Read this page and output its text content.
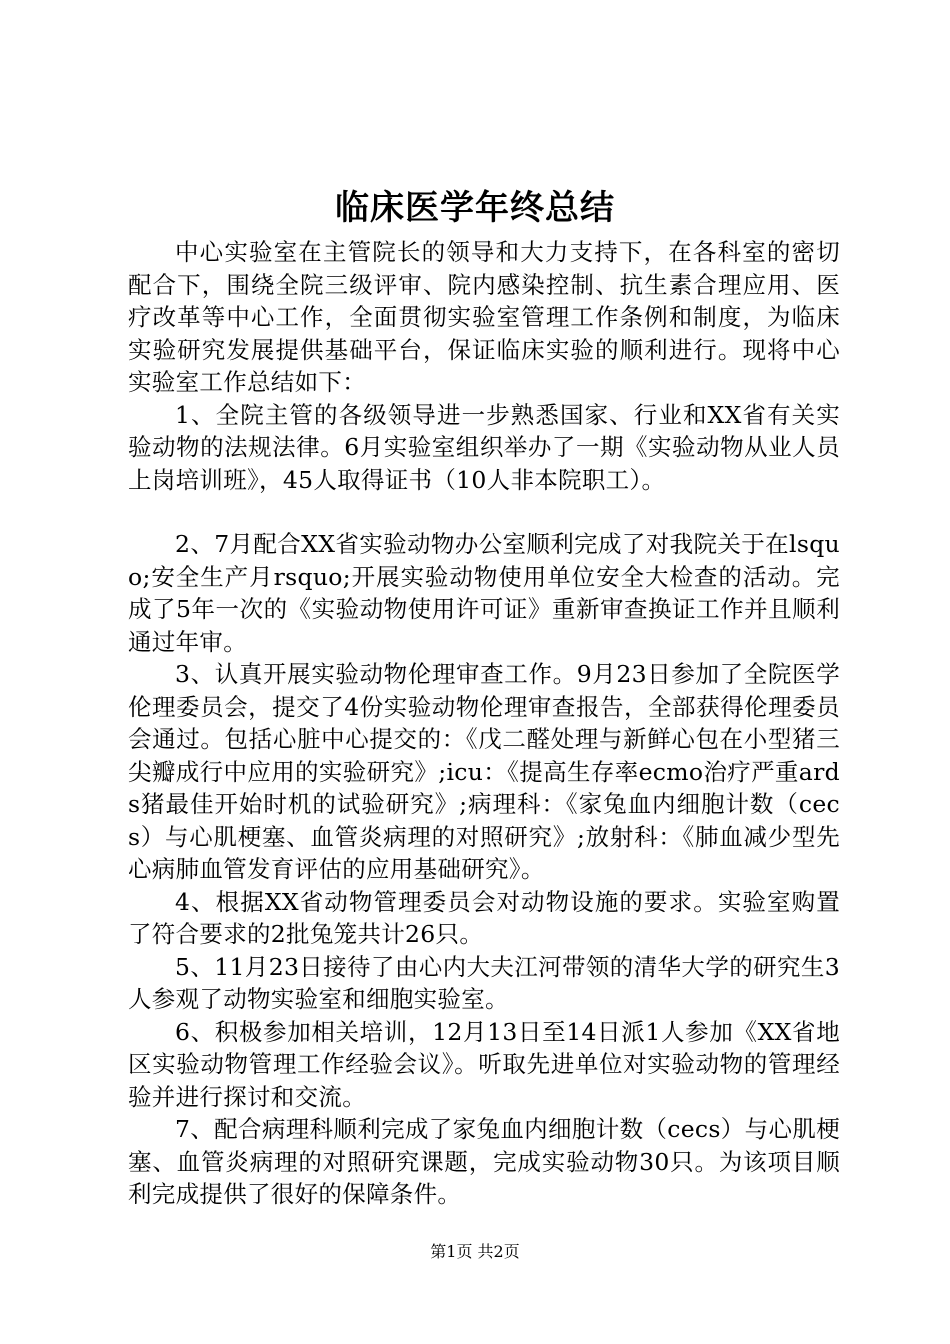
临床医学年终总结

中心实验室在主管院长的领导和大力支持下，在各科室的密切配合下，围绕全院三级评审、院内感染控制、抗生素合理应用、医疗改革等中心工作，全面贯彻实验室管理工作条例和制度，为临床实验研究发展提供基础平台，保证临床实验的顺利进行。现将中心实验室工作总结如下：

1、全院主管的各级领导进一步熟悉国家、行业和XX省有关实验动物的法规法律。6月实验室组织举办了一期《实验动物从业人员上岗培训班》，45人取得证书（10人非本院职工）。

2、7月配合XX省实验动物办公室顺利完成了对我院关于在lsquo;安全生产月rsquo;开展实验动物使用单位安全大检查的活动。完成了5年一次的《实验动物使用许可证》重新审查换证工作并且顺利通过年审。

3、认真开展实验动物伦理审查工作。9月23日参加了全院医学伦理委员会，提交了4份实验动物伦理审查报告，全部获得伦理委员会通过。包括心脏中心提交的：《戊二醛处理与新鲜心包在小型猪三尖瓣成行中应用的实验研究》;icu：《提高生存率ecmo治疗严重ards猪最佳开始时机的试验研究》;病理科：《家兔血内细胞计数（cecs）与心肌梗塞、血管炎病理的对照研究》;放射科：《肺血减少型先心病肺血管发育评估的应用基础研究》。

4、根据XX省动物管理委员会对动物设施的要求。实验室购置了符合要求的2批兔笼共计26只。

5、11月23日接待了由心内大夫江河带领的清华大学的研究生3人参观了动物实验室和细胞实验室。

6、积极参加相关培训，12月13日至14日派1人参加《XX省地区实验动物管理工作经验会议》。听取先进单位对实验动物的管理经验并进行探讨和交流。

7、配合病理科顺利完成了家兔血内细胞计数（cecs）与心肌梗塞、血管炎病理的对照研究课题，完成实验动物30只。为该项目顺利完成提供了很好的保障条件。

第1页 共2页
